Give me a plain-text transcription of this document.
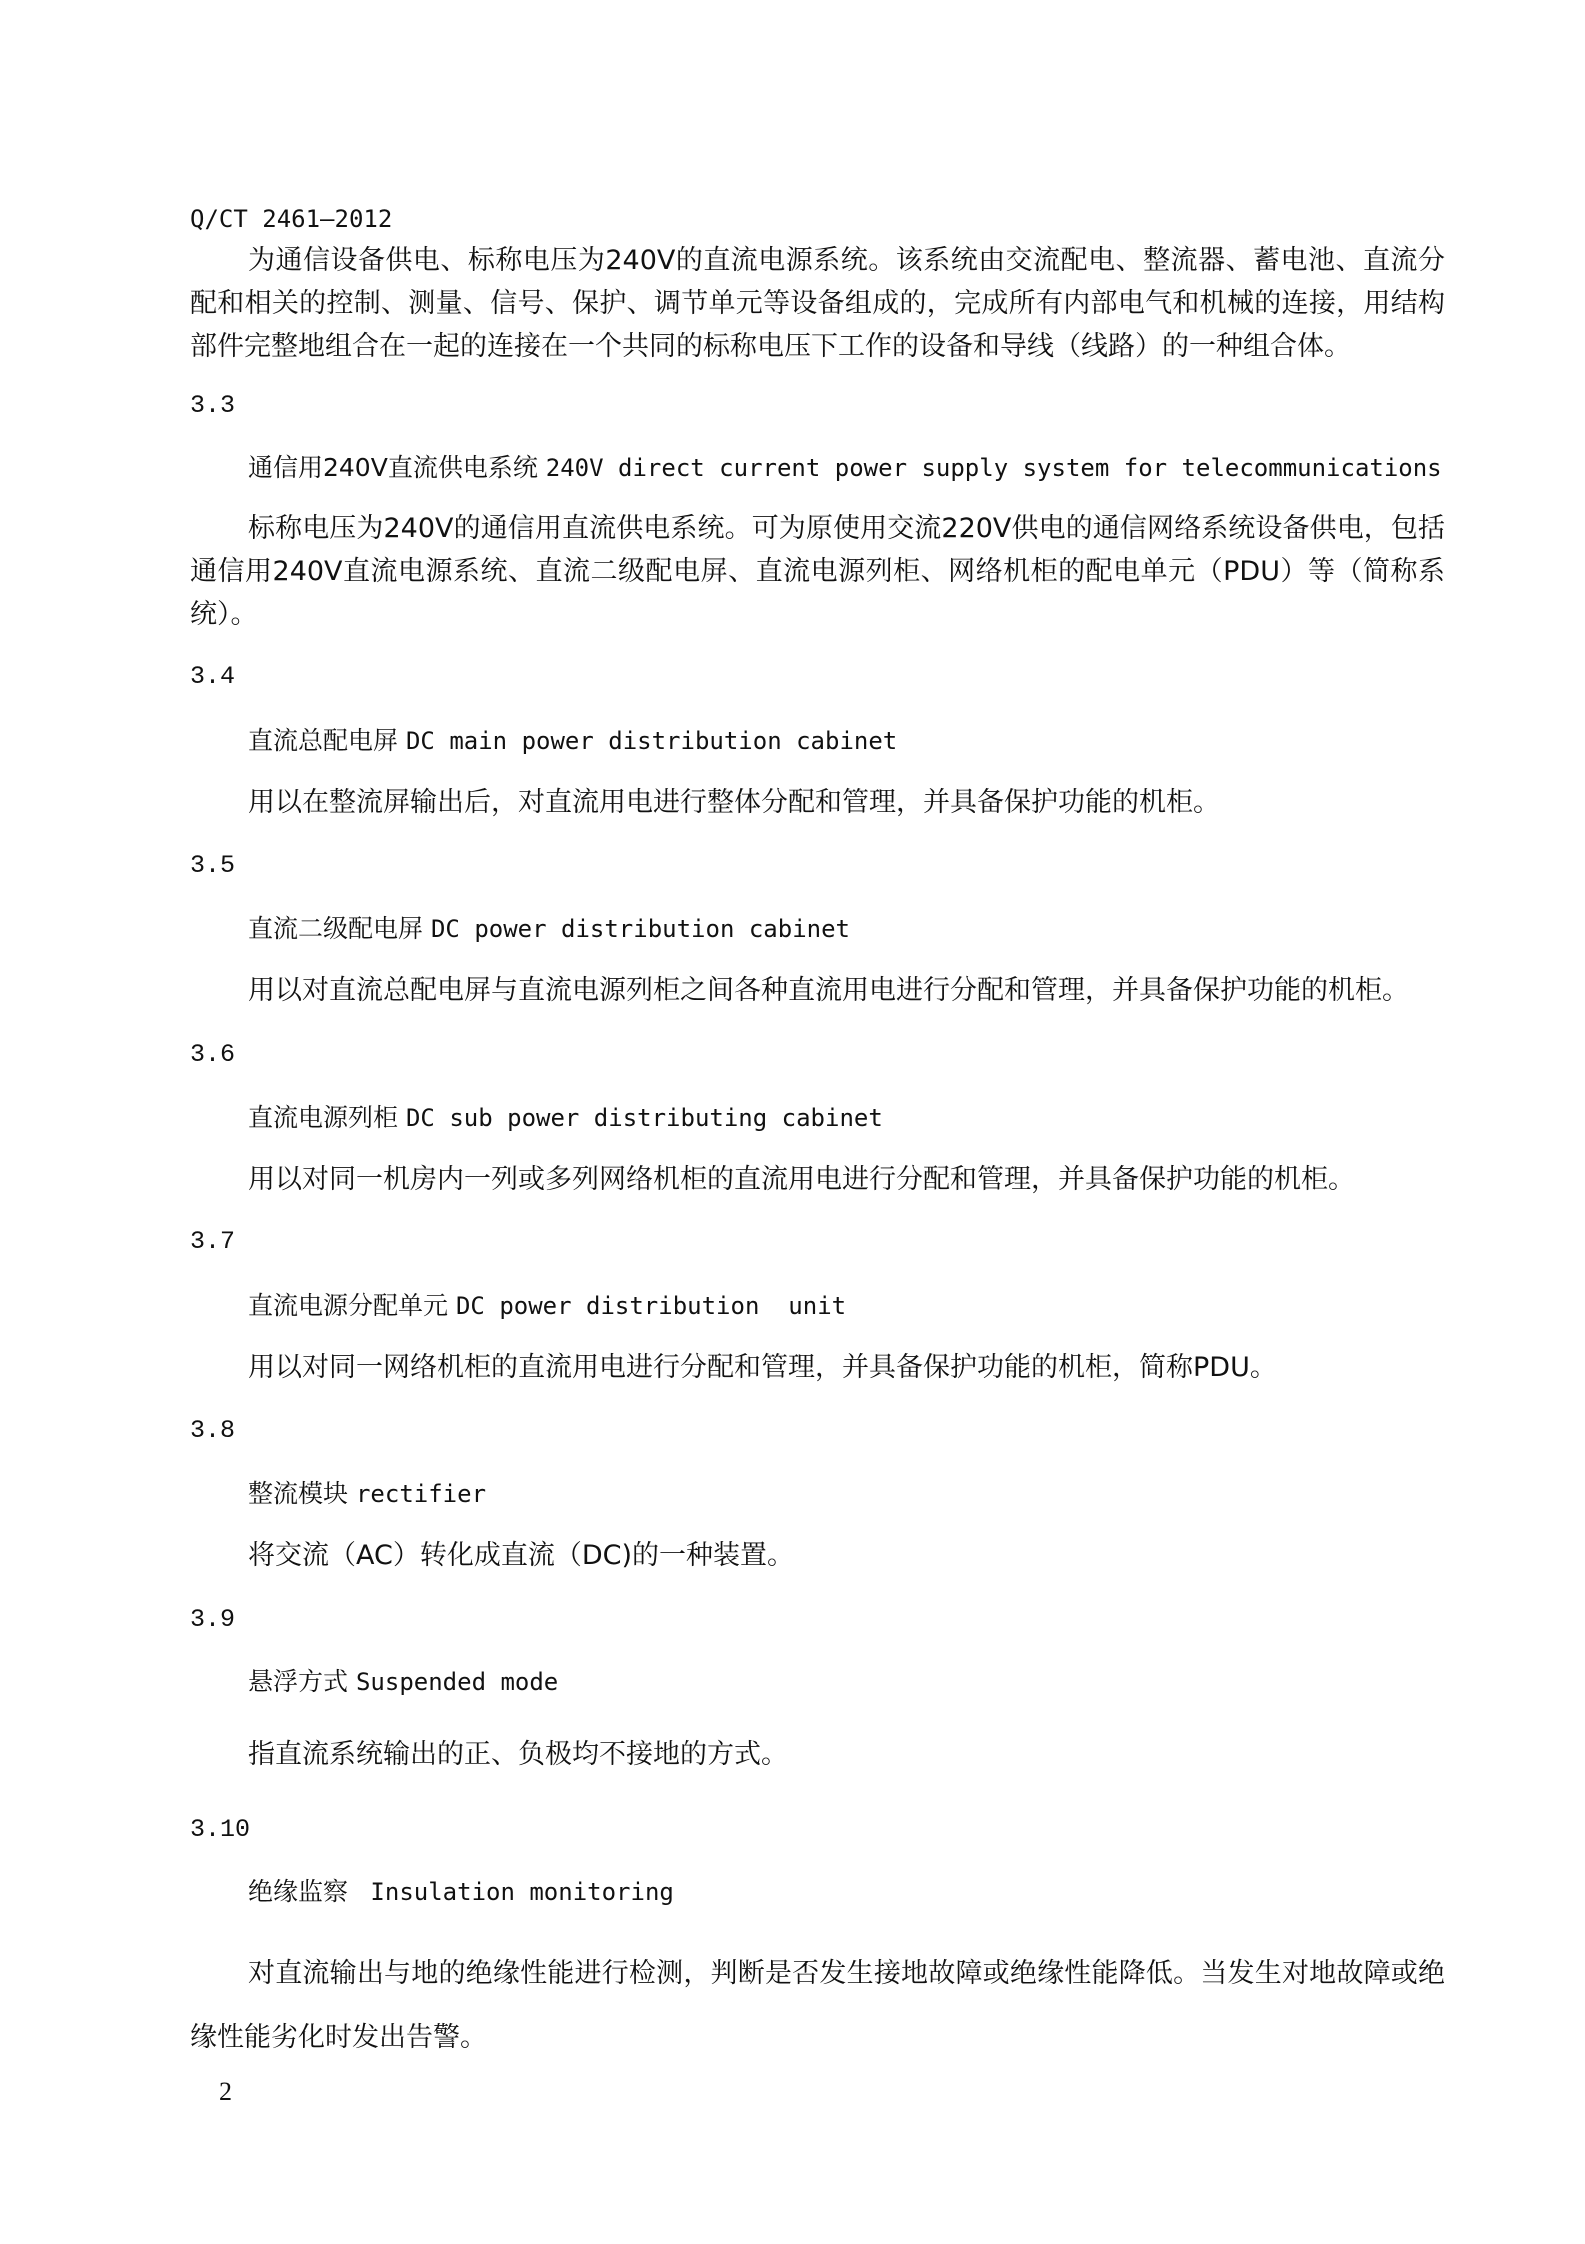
Q/CT 2461—2012
为通信设备供电、标称电压为240V的直流电源系统。该系统由交流配电、整流器、蓄电池、直流分配和相关的控制、测量、信号、保护、调节单元等设备组成的，完成所有内部电气和机械的连接，用结构部件完整地组合在一起的连接在一个共同的标称电压下工作的设备和导线（线路）的一种组合体。
3.3
通信用240V直流供电系统 240V direct current power supply system for telecommunications
标称电压为240V的通信用直流供电系统。可为原使用交流220V供电的通信网络系统设备供电，包括通信用240V直流电源系统、直流二级配电屏、直流电源列柜、网络机柜的配电单元（PDU）等（简称系统）。
3.4
直流总配电屏 DC main power distribution cabinet
用以在整流屏输出后，对直流用电进行整体分配和管理，并具备保护功能的机柜。
3.5
直流二级配电屏 DC power distribution cabinet
用以对直流总配电屏与直流电源列柜之间各种直流用电进行分配和管理，并具备保护功能的机柜。
3.6
直流电源列柜 DC sub power distributing cabinet
用以对同一机房内一列或多列网络机柜的直流用电进行分配和管理，并具备保护功能的机柜。
3.7
直流电源分配单元 DC power distribution  unit
用以对同一网络机柜的直流用电进行分配和管理，并具备保护功能的机柜，简称PDU。
3.8
整流模块 rectifier
将交流（AC）转化成直流（DC)的一种装置。
3.9
悬浮方式 Suspended mode
指直流系统输出的正、负极均不接地的方式。
3.10
绝缘监察  Insulation monitoring
对直流输出与地的绝缘性能进行检测，判断是否发生接地故障或绝缘性能降低。当发生对地故障或绝缘性能劣化时发出告警。
2
